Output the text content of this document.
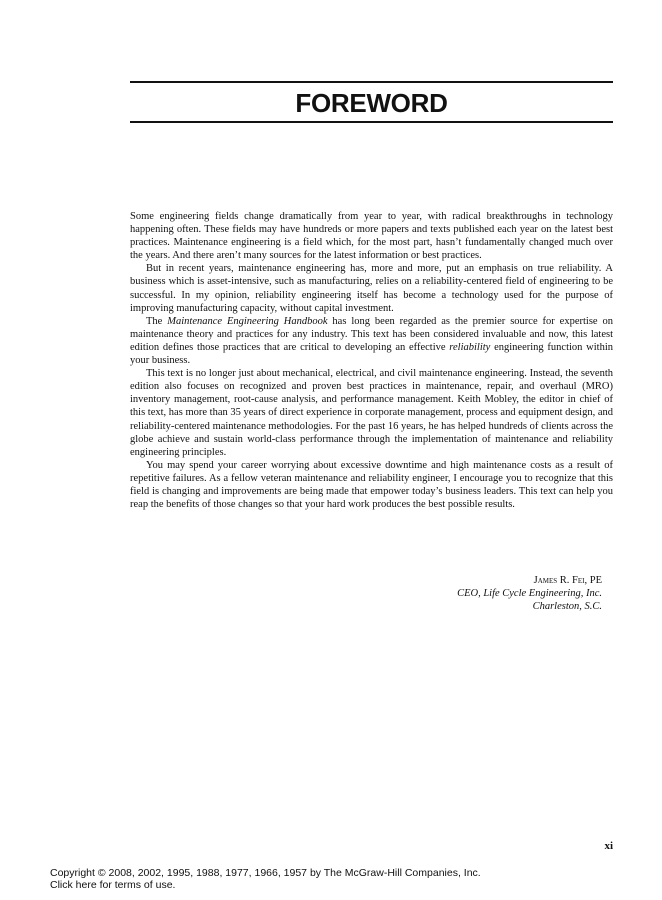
FOREWORD

Some engineering fields change dramatically from year to year, with radical breakthroughs in technology happening often. These fields may have hundreds or more papers and texts published each year on the latest best practices. Maintenance engineering is a field which, for the most part, hasn’t fundamentally changed much over the years. And there aren’t many sources for the latest information or best practices.

But in recent years, maintenance engineering has, more and more, put an emphasis on true reliability. A business which is asset-intensive, such as manufacturing, relies on a reliability-centered field of engineering to be successful. In my opinion, reliability engineering itself has become a technology used for the purpose of improving manufacturing capacity, without capital investment.

The Maintenance Engineering Handbook has long been regarded as the premier source for expertise on maintenance theory and practices for any industry. This text has been considered invaluable and now, this latest edition defines those practices that are critical to developing an effective reliability engineering function within your business.

This text is no longer just about mechanical, electrical, and civil maintenance engineering. Instead, the seventh edition also focuses on recognized and proven best practices in maintenance, repair, and overhaul (MRO) inventory management, root-cause analysis, and performance management. Keith Mobley, the editor in chief of this text, has more than 35 years of direct experience in corporate management, process and equipment design, and reliability-centered maintenance methodologies. For the past 16 years, he has helped hundreds of clients across the globe achieve and sustain world-class performance through the implementation of maintenance and reliability engineering principles.

You may spend your career worrying about excessive downtime and high maintenance costs as a result of repetitive failures. As a fellow veteran maintenance and reliability engineer, I encourage you to recognize that this field is changing and improvements are being made that empower today’s business leaders. This text can help you reap the benefits of those changes so that your hard work produces the best possible results.

James R. Fei, PE
CEO, Life Cycle Engineering, Inc.
Charleston, S.C.
xi
Copyright © 2008, 2002, 1995, 1988, 1977, 1966, 1957 by The McGraw-Hill Companies, Inc.
Click here for terms of use.
